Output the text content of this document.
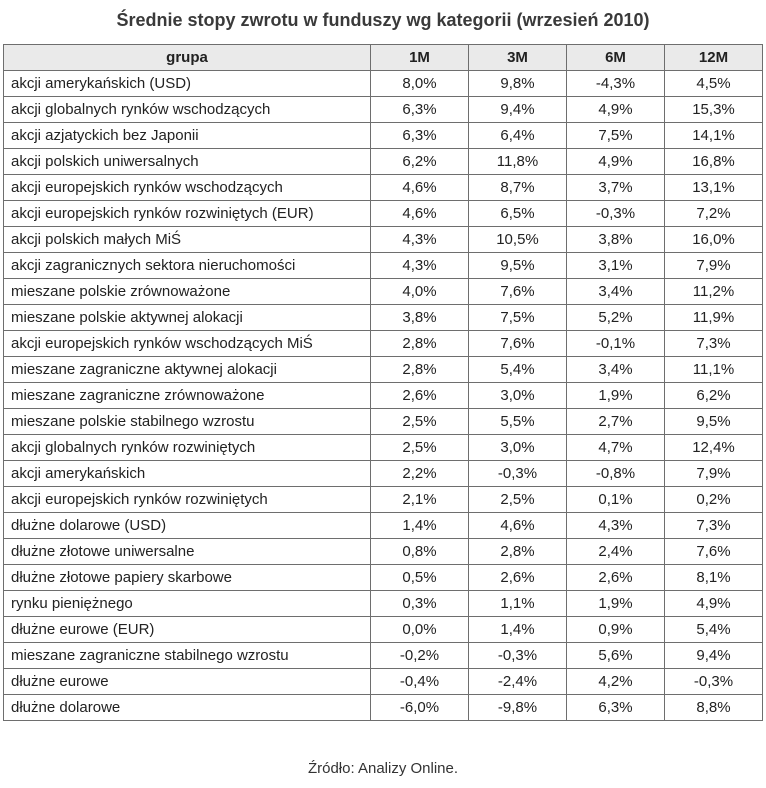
Średnie stopy zwrotu w funduszy wg kategorii (wrzesień 2010)
grupa	1M	3M	6M	12M
akcji amerykańskich (USD)	8,0%	9,8%	-4,3%	4,5%
akcji globalnych rynków wschodzących	6,3%	9,4%	4,9%	15,3%
akcji azjatyckich bez Japonii	6,3%	6,4%	7,5%	14,1%
akcji polskich uniwersalnych	6,2%	11,8%	4,9%	16,8%
akcji europejskich rynków wschodzących	4,6%	8,7%	3,7%	13,1%
akcji europejskich rynków rozwiniętych (EUR)	4,6%	6,5%	-0,3%	7,2%
akcji polskich małych MiŚ	4,3%	10,5%	3,8%	16,0%
akcji zagranicznych sektora nieruchomości	4,3%	9,5%	3,1%	7,9%
mieszane polskie zrównoważone	4,0%	7,6%	3,4%	11,2%
mieszane polskie aktywnej alokacji	3,8%	7,5%	5,2%	11,9%
akcji europejskich rynków wschodzących MiŚ	2,8%	7,6%	-0,1%	7,3%
mieszane zagraniczne aktywnej alokacji	2,8%	5,4%	3,4%	11,1%
mieszane zagraniczne zrównoważone	2,6%	3,0%	1,9%	6,2%
mieszane polskie stabilnego wzrostu	2,5%	5,5%	2,7%	9,5%
akcji globalnych rynków rozwiniętych	2,5%	3,0%	4,7%	12,4%
akcji amerykańskich	2,2%	-0,3%	-0,8%	7,9%
akcji europejskich rynków rozwiniętych	2,1%	2,5%	0,1%	0,2%
dłużne dolarowe (USD)	1,4%	4,6%	4,3%	7,3%
dłużne złotowe uniwersalne	0,8%	2,8%	2,4%	7,6%
dłużne złotowe papiery skarbowe	0,5%	2,6%	2,6%	8,1%
rynku pieniężnego	0,3%	1,1%	1,9%	4,9%
dłużne eurowe (EUR)	0,0%	1,4%	0,9%	5,4%
mieszane zagraniczne stabilnego wzrostu	-0,2%	-0,3%	5,6%	9,4%
dłużne eurowe	-0,4%	-2,4%	4,2%	-0,3%
dłużne dolarowe	-6,0%	-9,8%	6,3%	8,8%
Źródło: Analizy Online.
